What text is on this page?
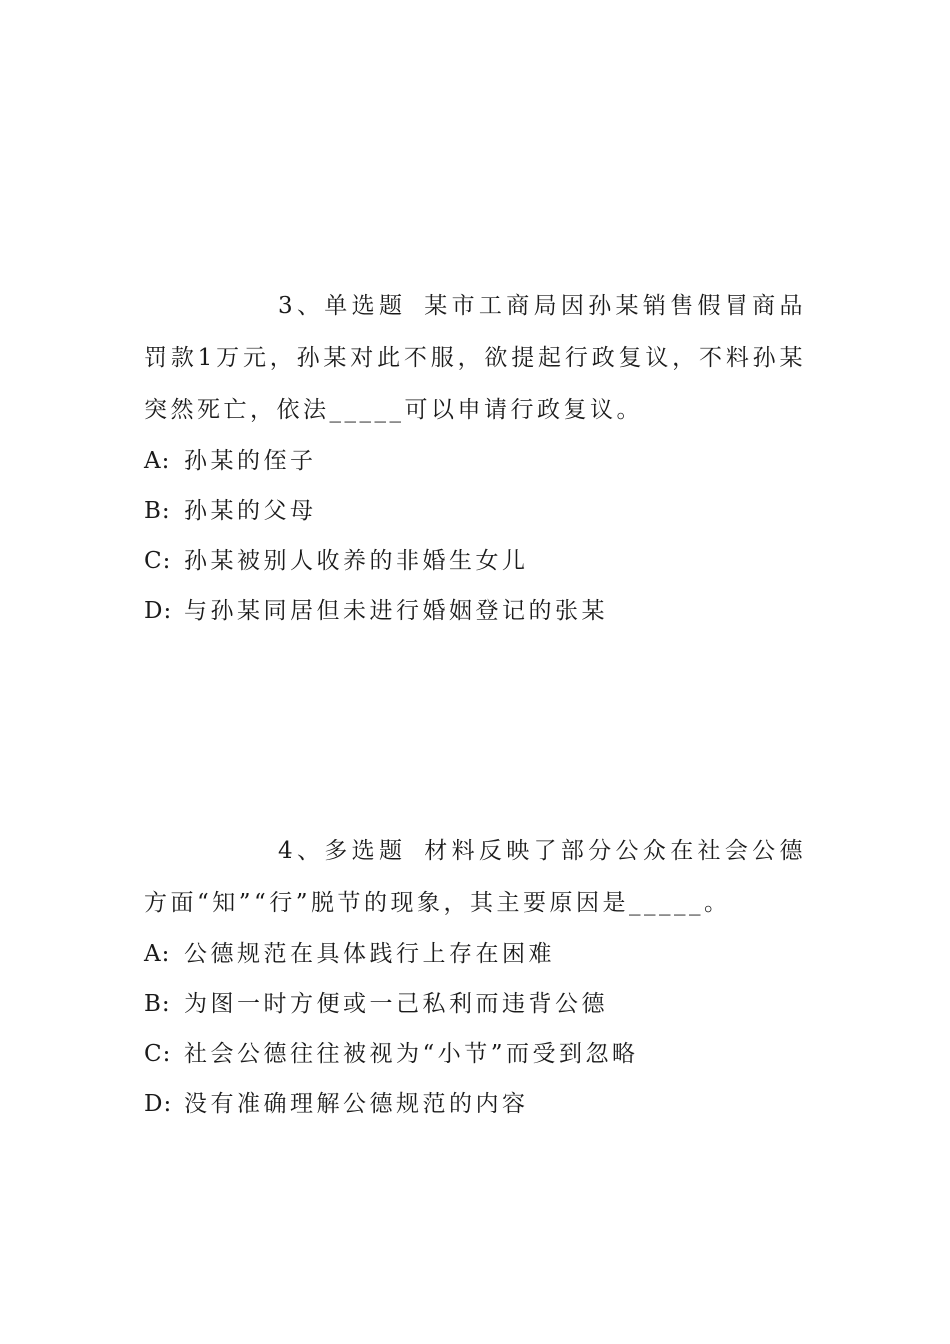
3、单选题 某市工商局因孙某销售假冒商品罚款1万元，孙某对此不服，欲提起行政复议，不料孙某突然死亡，依法_____可以申请行政复议。

A: 孙某的侄子
B: 孙某的父母
C: 孙某被别人收养的非婚生女儿
D: 与孙某同居但未进行婚姻登记的张某

4、多选题 材料反映了部分公众在社会公德方面“知”“行”脱节的现象，其主要原因是_____。

A: 公德规范在具体践行上存在困难
B: 为图一时方便或一己私利而违背公德
C: 社会公德往往被视为“小节”而受到忽略
D: 没有准确理解公德规范的内容
